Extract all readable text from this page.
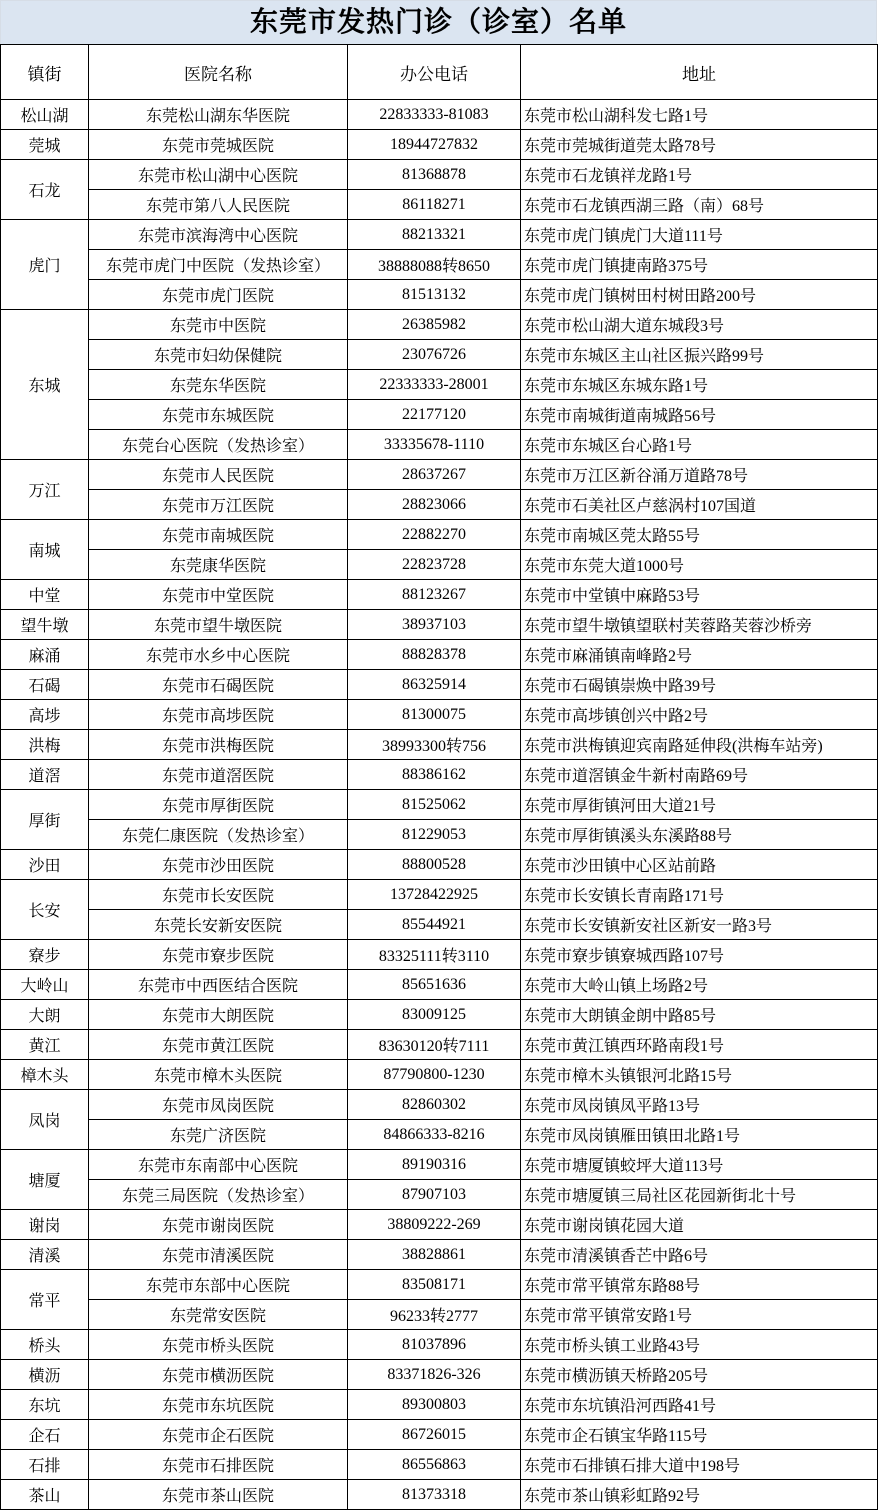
东莞市发热门诊（诊室）名单
镇街	医院名称	办公电话	地址
松山湖	东莞松山湖东华医院	22833333-81083	东莞市松山湖科发七路1号
莞城	东莞市莞城医院	18944727832	东莞市莞城街道莞太路78号
石龙	东莞市松山湖中心医院	81368878	东莞市石龙镇祥龙路1号
	东莞市第八人民医院	86118271	东莞市石龙镇西湖三路（南）68号
虎门	东莞市滨海湾中心医院	88213321	东莞市虎门镇虎门大道111号
	东莞市虎门中医院（发热诊室）	38888088转8650	东莞市虎门镇捷南路375号
	东莞市虎门医院	81513132	东莞市虎门镇树田村树田路200号
东城	东莞市中医院	26385982	东莞市松山湖大道东城段3号
	东莞市妇幼保健院	23076726	东莞市东城区主山社区振兴路99号
	东莞东华医院	22333333-28001	东莞市东城区东城东路1号
	东莞市东城医院	22177120	东莞市南城街道南城路56号
	东莞台心医院（发热诊室）	33335678-1110	东莞市东城区台心路1号
万江	东莞市人民医院	28637267	东莞市万江区新谷涌万道路78号
	东莞市万江医院	28823066	东莞市石美社区卢慈涡村107国道
南城	东莞市南城医院	22882270	东莞市南城区莞太路55号
	东莞康华医院	22823728	东莞市东莞大道1000号
中堂	东莞市中堂医院	88123267	东莞市中堂镇中麻路53号
望牛墩	东莞市望牛墩医院	38937103	东莞市望牛墩镇望联村芙蓉路芙蓉沙桥旁
麻涌	东莞市水乡中心医院	88828378	东莞市麻涌镇南峰路2号
石碣	东莞市石碣医院	86325914	东莞市石碣镇崇焕中路39号
高埗	东莞市高埗医院	81300075	东莞市高埗镇创兴中路2号
洪梅	东莞市洪梅医院	38993300转756	东莞市洪梅镇迎宾南路延伸段(洪梅车站旁)
道滘	东莞市道滘医院	88386162	东莞市道滘镇金牛新村南路69号
厚街	东莞市厚街医院	81525062	东莞市厚街镇河田大道21号
	东莞仁康医院（发热诊室）	81229053	东莞市厚街镇溪头东溪路88号
沙田	东莞市沙田医院	88800528	东莞市沙田镇中心区站前路
长安	东莞市长安医院	13728422925	东莞市长安镇长青南路171号
	东莞长安新安医院	85544921	东莞市长安镇新安社区新安一路3号
寮步	东莞市寮步医院	83325111转3110	东莞市寮步镇寮城西路107号
大岭山	东莞市中西医结合医院	85651636	东莞市大岭山镇上场路2号
大朗	东莞市大朗医院	83009125	东莞市大朗镇金朗中路85号
黄江	东莞市黄江医院	83630120转7111	东莞市黄江镇西环路南段1号
樟木头	东莞市樟木头医院	87790800-1230	东莞市樟木头镇银河北路15号
凤岗	东莞市凤岗医院	82860302	东莞市凤岗镇凤平路13号
	东莞广济医院	84866333-8216	东莞市凤岗镇雁田镇田北路1号
塘厦	东莞市东南部中心医院	89190316	东莞市塘厦镇蛟坪大道113号
	东莞三局医院（发热诊室）	87907103	东莞市塘厦镇三局社区花园新街北十号
谢岗	东莞市谢岗医院	38809222-269	东莞市谢岗镇花园大道
清溪	东莞市清溪医院	38828861	东莞市清溪镇香芒中路6号
常平	东莞市东部中心医院	83508171	东莞市常平镇常东路88号
	东莞常安医院	96233转2777	东莞市常平镇常安路1号
桥头	东莞市桥头医院	81037896	东莞市桥头镇工业路43号
横沥	东莞市横沥医院	83371826-326	东莞市横沥镇天桥路205号
东坑	东莞市东坑医院	89300803	东莞市东坑镇沿河西路41号
企石	东莞市企石医院	86726015	东莞市企石镇宝华路115号
石排	东莞市石排医院	86556863	东莞市石排镇石排大道中198号
茶山	东莞市茶山医院	81373318	东莞市茶山镇彩虹路92号
